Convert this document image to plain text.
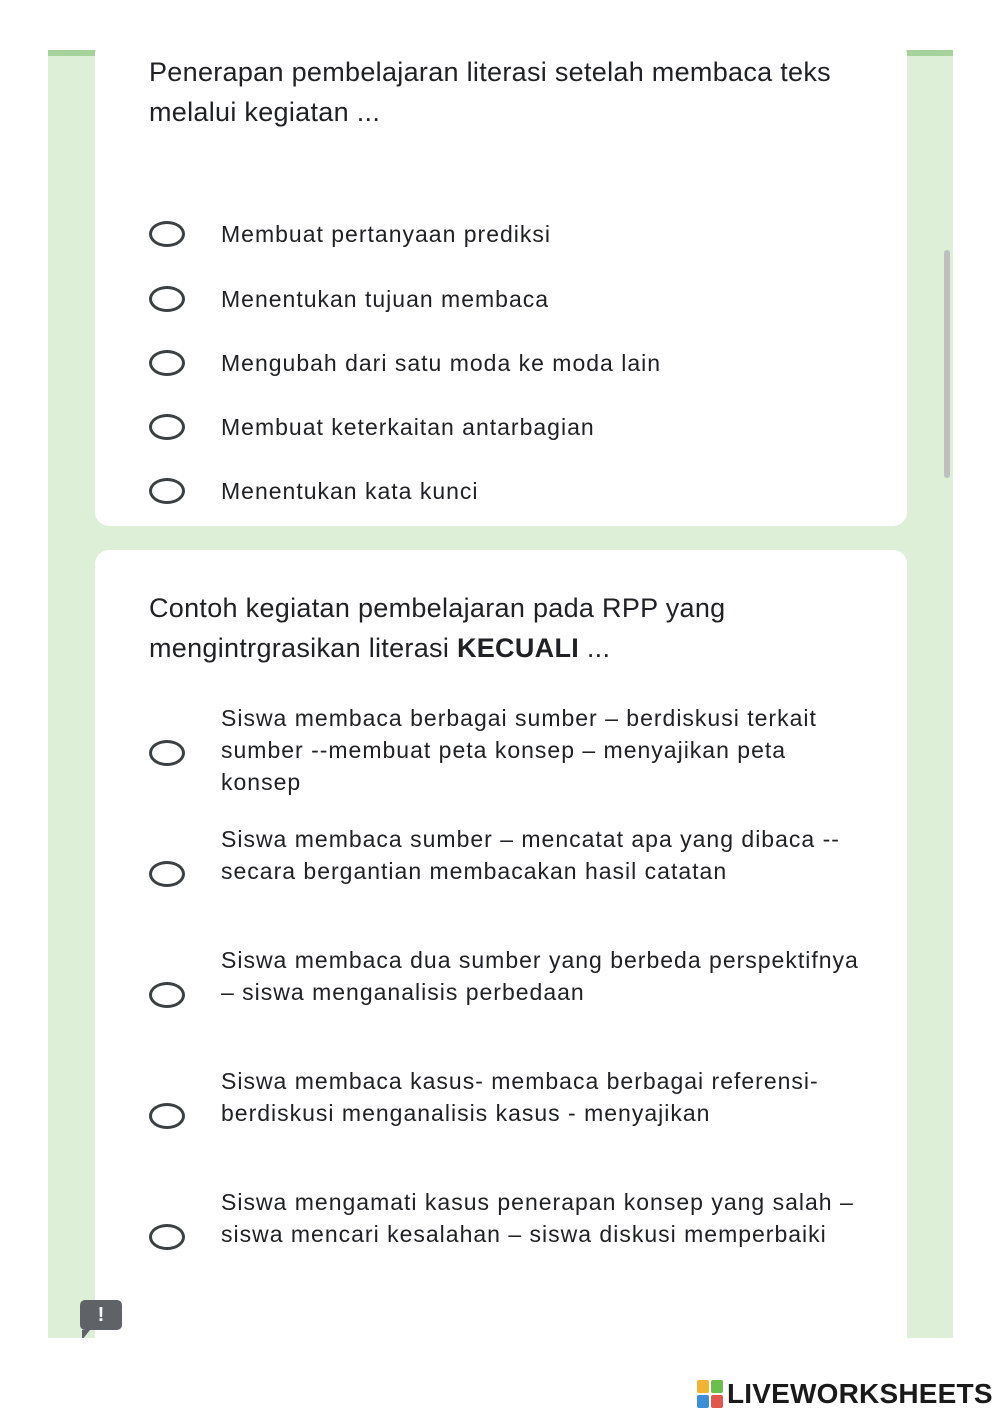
Penerapan pembelajaran literasi setelah membaca teks melalui kegiatan ...

Membuat pertanyaan prediksi
Menentukan tujuan membaca
Mengubah dari satu moda ke moda lain
Membuat keterkaitan antarbagian
Menentukan kata kunci

Contoh kegiatan pembelajaran pada RPP yang mengintrgrasikan literasi KECUALI ...

Siswa membaca berbagai sumber – berdiskusi terkait sumber --membuat peta konsep – menyajikan peta konsep
Siswa membaca sumber – mencatat apa yang dibaca -- secara bergantian membacakan hasil catatan
Siswa membaca dua sumber yang berbeda perspektifnya – siswa menganalisis perbedaan
Siswa membaca kasus- membaca berbagai referensi- berdiskusi menganalisis kasus - menyajikan
Siswa mengamati kasus penerapan konsep yang salah – siswa mencari kesalahan – siswa diskusi memperbaiki
!
LIVEWORKSHEETS
